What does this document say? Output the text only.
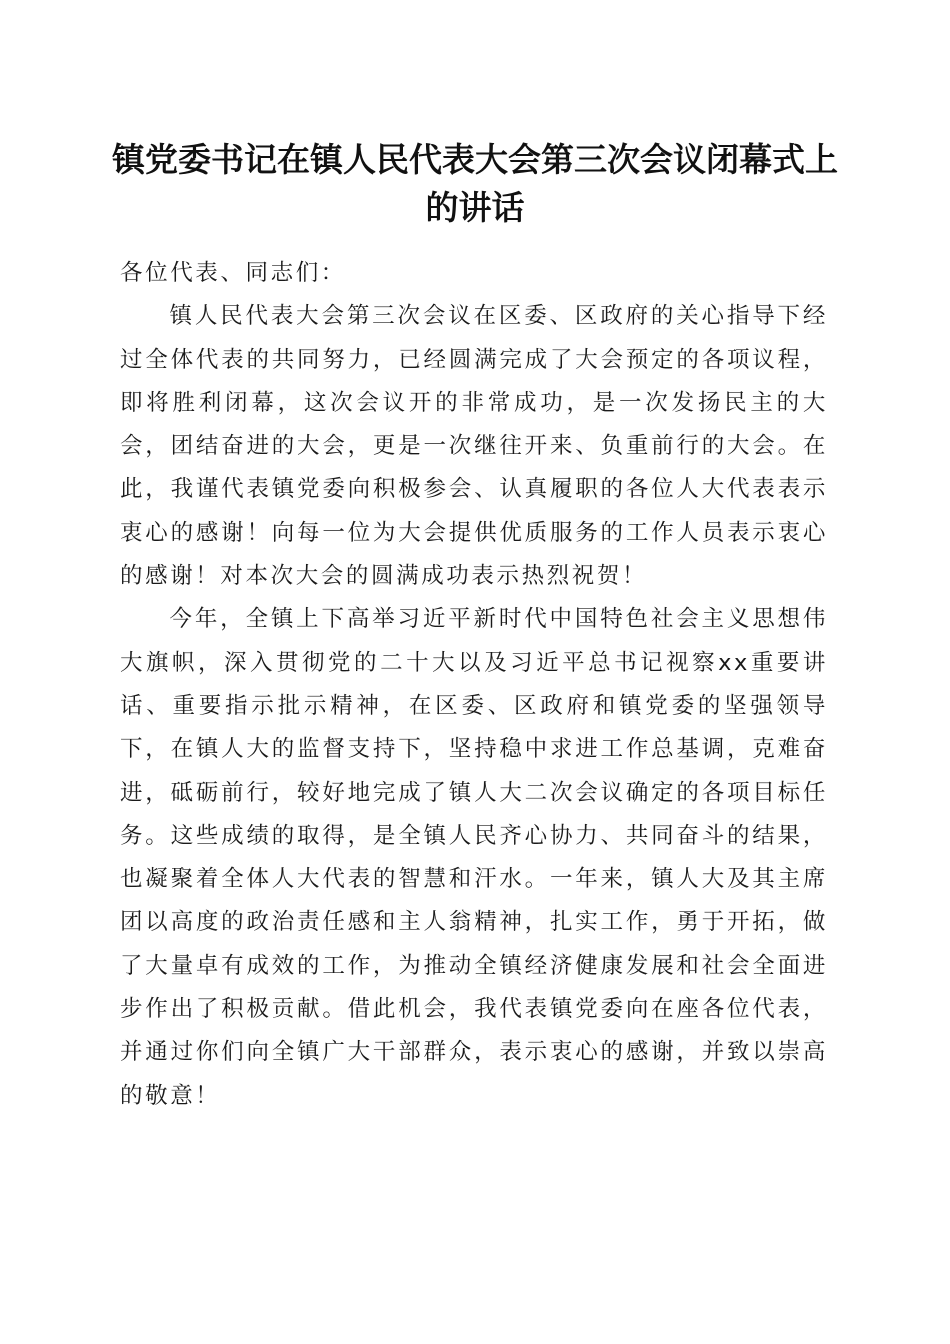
镇党委书记在镇人民代表大会第三次会议闭幕式上的讲话

各位代表、同志们：

镇人民代表大会第三次会议在区委、区政府的关心指导下经过全体代表的共同努力，已经圆满完成了大会预定的各项议程，即将胜利闭幕，这次会议开的非常成功，是一次发扬民主的大会，团结奋进的大会，更是一次继往开来、负重前行的大会。在此，我谨代表镇党委向积极参会、认真履职的各位人大代表表示衷心的感谢！向每一位为大会提供优质服务的工作人员表示衷心的感谢！对本次大会的圆满成功表示热烈祝贺！

今年，全镇上下高举习近平新时代中国特色社会主义思想伟大旗帜，深入贯彻党的二十大以及习近平总书记视察xx重要讲话、重要指示批示精神，在区委、区政府和镇党委的坚强领导下，在镇人大的监督支持下，坚持稳中求进工作总基调，克难奋进，砥砺前行，较好地完成了镇人大二次会议确定的各项目标任务。这些成绩的取得，是全镇人民齐心协力、共同奋斗的结果，也凝聚着全体人大代表的智慧和汗水。一年来，镇人大及其主席团以高度的政治责任感和主人翁精神，扎实工作，勇于开拓，做了大量卓有成效的工作，为推动全镇经济健康发展和社会全面进步作出了积极贡献。借此机会，我代表镇党委向在座各位代表，并通过你们向全镇广大干部群众，表示衷心的感谢，并致以崇高的敬意！
